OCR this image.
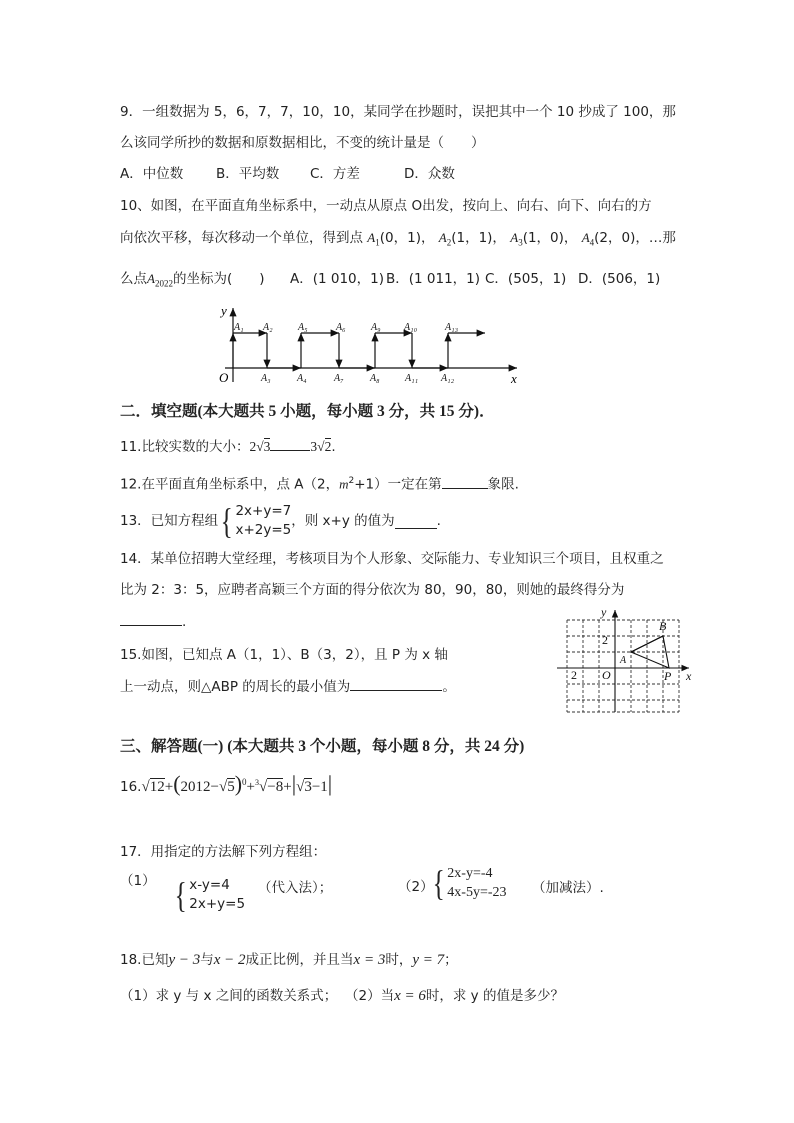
9．一组数据为 5，6，7，7，10，10，某同学在抄题时，误把其中一个 10 抄成了 100，那
么该同学所抄的数据和原数据相比，不变的统计量是（　　）
A．中位数 B．平均数 C．方差	D．众数
10、如图，在平面直角坐标系中，一动点从原点 O出发，按向上、向右、向下、向右的方
向依次平移，每次移动一个单位，得到点 $A_1(0$，1)， $A_2(1$，1)， $A_3(1$，0)， $A_4(2$，0)，…那
么点$A_{2022}$的坐标为(　　) A．(1 010，1) B．(1 011，1) C．(505，1) D．(506，1)
y
x
O
A₁ A₂	A₅	A₆	A₉ A₁₀	A₁₃
A₃	A₄	A₇	A₈	A₁₁ A₁₂
二．填空题(本大题共 5 小题，每小题 3 分，共 15 分)．
11.比较实数的大小：2√3	3√2.
12.在平面直角坐标系中，点 A（2，$m^2+1$）一定在第	象限.
13．已知方程组{ 2x+y=7
x+2y=5
，则 x+y 的值为	.
14．某单位招聘大堂经理，考核项目为个人形象、交际能力、专业知识三个项目，且权重之
比为 2：3：5，应聘者高颖三个方面的得分依次为 80，90，80，则她的最终得分为
.
15.如图，已知点 A（1，1）、B（3，2），且 P 为 x 轴
上一动点，则△ABP 的周长的最小值为	。
y
x
O
2
2
A
B
P
三、解答题(一) (本大题共 3 个小题，每小题 8 分，共 24 分)
$16.√12+(2012-√5)^0+^3√-8+|√3-1|$
17．用指定的方法解下列方程组：
（1） { x-y=4
2x+y=5
（代入法）；	（2）
{ 2x-y=-4
4x-5y=-23 （加减法）.
18.已知y − 3与x − 2成正比例，并且当x = 3时，y = 7；
（1）求 y 与 x 之间的函数关系式； （2）当x = 6时，求 y 的值是多少？
